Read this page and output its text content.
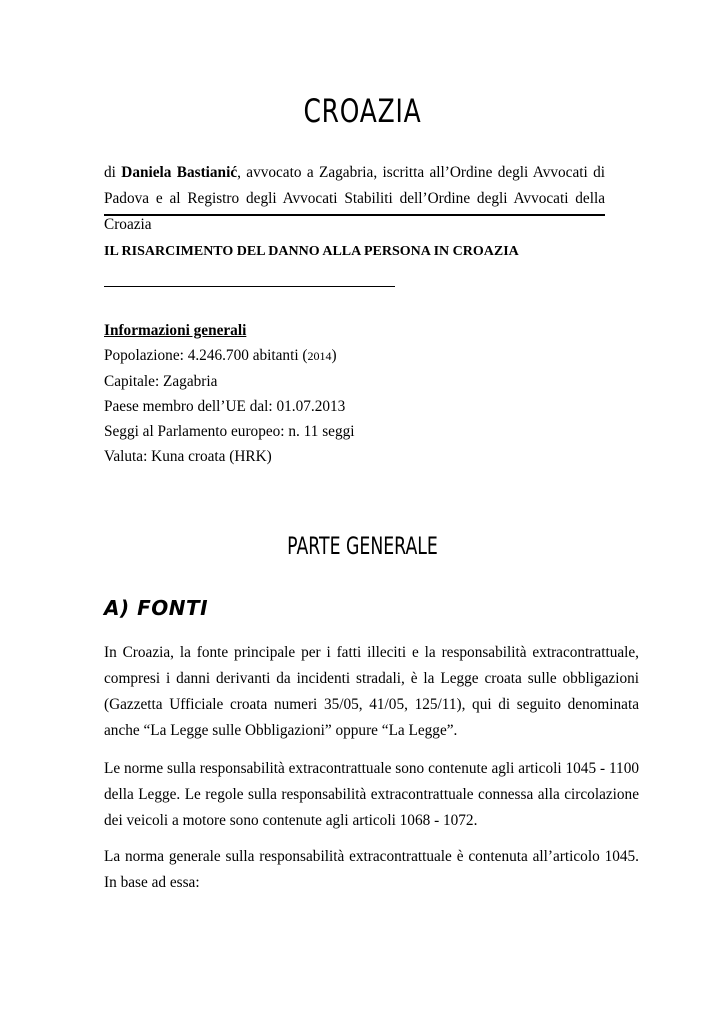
CROAZIA
di Daniela Bastianić, avvocato a Zagabria, iscritta all’Ordine degli Avvocati di Padova e al Registro degli Avvocati Stabiliti dell’Ordine degli Avvocati della Croazia
IL RISARCIMENTO DEL DANNO ALLA PERSONA IN CROAZIA
Informazioni generali
Popolazione: 4.246.700 abitanti (2014)
Capitale: Zagabria
Paese membro dell’UE dal: 01.07.2013
Seggi al Parlamento europeo: n. 11 seggi
Valuta: Kuna croata (HRK)
PARTE GENERALE
A) FONTI
In Croazia, la fonte principale per i fatti illeciti e la responsabilità extracontrattuale, compresi i danni derivanti da incidenti stradali, è la Legge croata sulle obbligazioni (Gazzetta Ufficiale croata numeri 35/05, 41/05, 125/11), qui di seguito denominata anche “La Legge sulle Obbligazioni” oppure “La Legge”.
Le norme sulla responsabilità extracontrattuale sono contenute agli articoli 1045 - 1100 della Legge. Le regole sulla responsabilità extracontrattuale connessa alla circolazione dei veicoli a motore sono contenute agli articoli 1068 - 1072.
La norma generale sulla responsabilità extracontrattuale è contenuta all’articolo 1045. In base ad essa:
